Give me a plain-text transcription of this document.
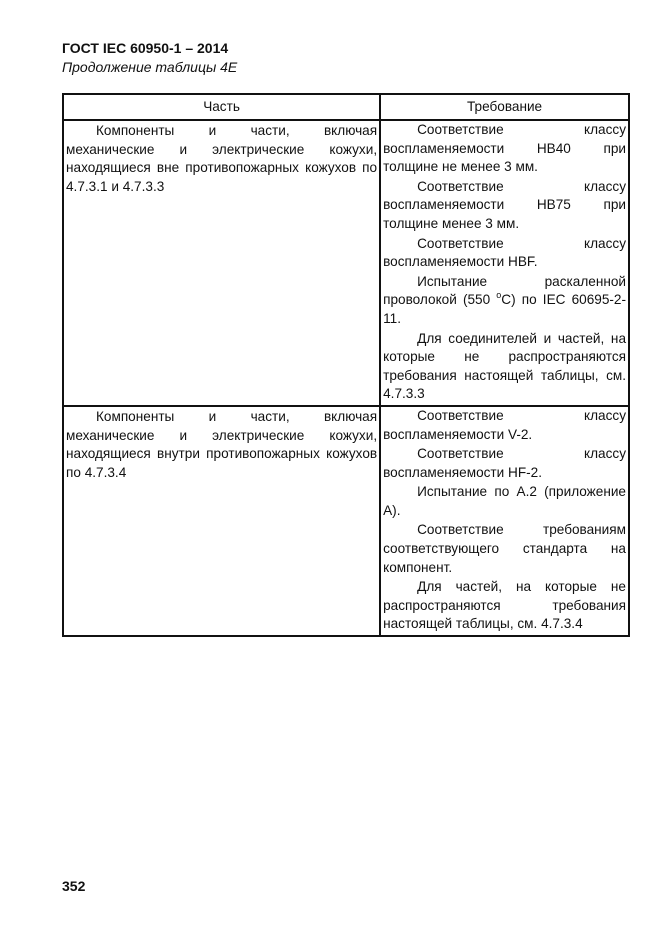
ГОСТ IEC 60950-1 – 2014
Продолжение таблицы 4E
Часть	Требование

Компоненты и части, включая механические и электрические кожухи, находящиеся вне противопожарных кожухов по 4.7.3.1 и 4.7.3.3	Соответствие классу воспламеняемости HB40 при толщине не менее 3 мм.

Соответствие классу воспламеняемости HB75 при толщине менее 3 мм.

Соответствие классу воспламеняемости HBF.

Испытание раскаленной проволокой (550 $^o$C) по IEC 60695-2-11.

Для соединителей и частей, на которые не распространяются требования настоящей таблицы, см. 4.7.3.3

Компоненты и части, включая механические и электрические кожухи, находящиеся внутри противопожарных кожухов по 4.7.3.4	Соответствие классу воспламеняемости V-2.

Соответствие классу воспламеняемости HF-2.

Испытание по A.2 (приложение A).

Соответствие требованиям соответствующего стандарта на компонент.

Для частей, на которые не распространяются требования настоящей таблицы, см. 4.7.3.4

352
